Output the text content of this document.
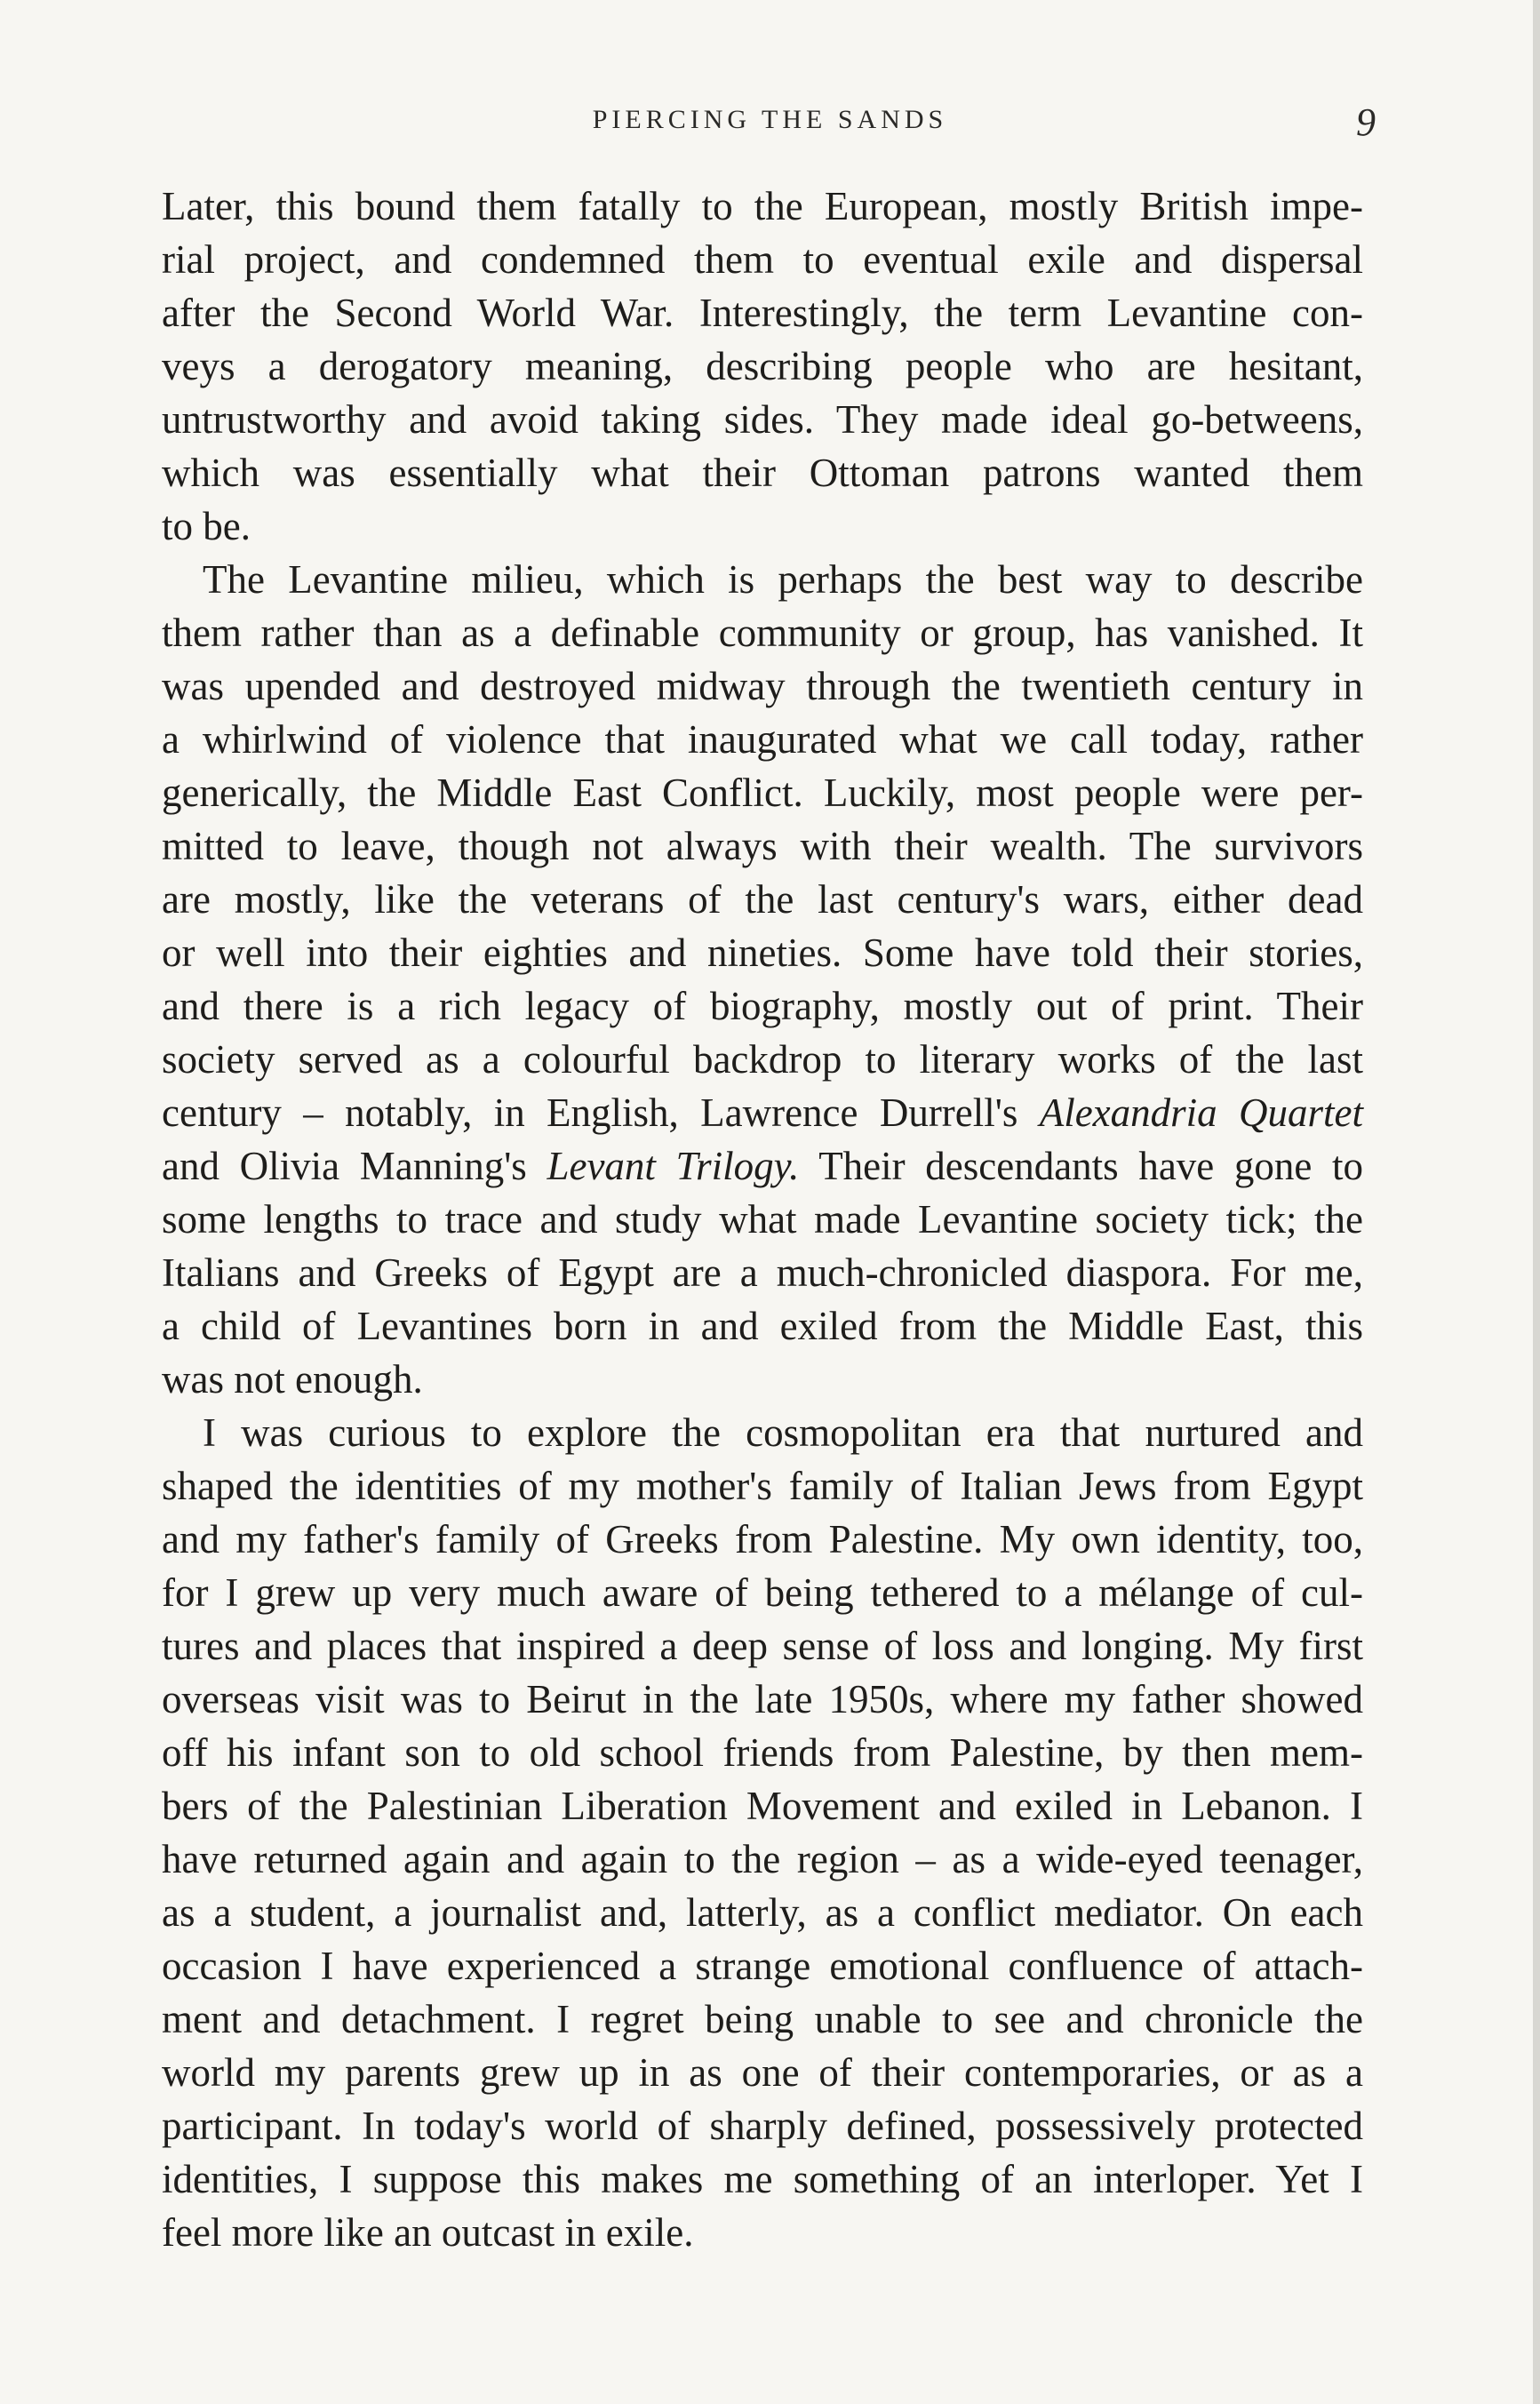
PIERCING THE SANDS	9
Later, this bound them fatally to the European, mostly British impe-
rial project, and condemned them to eventual exile and dispersal
after the Second World War. Interestingly, the term Levantine con-
veys a derogatory meaning, describing people who are hesitant,
untrustworthy and avoid taking sides. They made ideal go-betweens,
which was essentially what their Ottoman patrons wanted them
to be.
The Levantine milieu, which is perhaps the best way to describe
them rather than as a definable community or group, has vanished. It
was upended and destroyed midway through the twentieth century in
a whirlwind of violence that inaugurated what we call today, rather
generically, the Middle East Conflict. Luckily, most people were per-
mitted to leave, though not always with their wealth. The survivors
are mostly, like the veterans of the last century's wars, either dead
or well into their eighties and nineties. Some have told their stories,
and there is a rich legacy of biography, mostly out of print. Their
society served as a colourful backdrop to literary works of the last
century – notably, in English, Lawrence Durrell's Alexandria Quartet
and Olivia Manning's Levant Trilogy. Their descendants have gone to
some lengths to trace and study what made Levantine society tick; the
Italians and Greeks of Egypt are a much-chronicled diaspora. For me,
a child of Levantines born in and exiled from the Middle East, this
was not enough.
I was curious to explore the cosmopolitan era that nurtured and
shaped the identities of my mother's family of Italian Jews from Egypt
and my father's family of Greeks from Palestine. My own identity, too,
for I grew up very much aware of being tethered to a mélange of cul-
tures and places that inspired a deep sense of loss and longing. My first
overseas visit was to Beirut in the late 1950s, where my father showed
off his infant son to old school friends from Palestine, by then mem-
bers of the Palestinian Liberation Movement and exiled in Lebanon. I
have returned again and again to the region – as a wide-eyed teenager,
as a student, a journalist and, latterly, as a conflict mediator. On each
occasion I have experienced a strange emotional confluence of attach-
ment and detachment. I regret being unable to see and chronicle the
world my parents grew up in as one of their contemporaries, or as a
participant. In today's world of sharply defined, possessively protected
identities, I suppose this makes me something of an interloper. Yet I
feel more like an outcast in exile.
